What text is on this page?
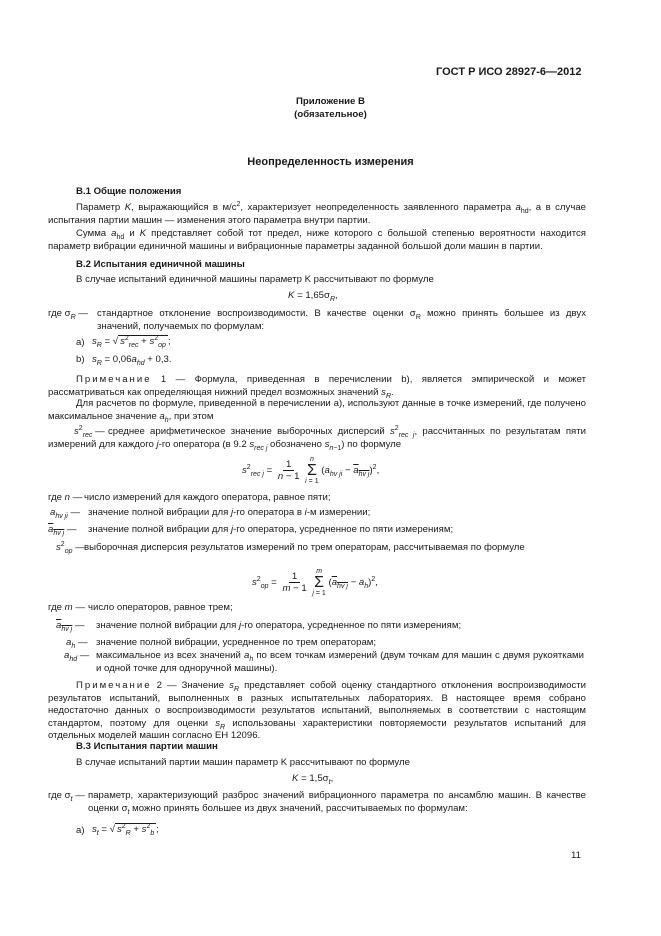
ГОСТ Р ИСО 28927-6—2012
Приложение В
(обязательное)
Неопределенность измерения
В.1 Общие положения
Параметр K, выражающийся в $м/с^2$, характеризует неопределенность заявленного параметра $a_{hd}$, а в случае испытания партии машин — изменения этого параметра внутри партии.
Сумма $a_{hd}$ и K представляет собой тот предел, ниже которого с большой степенью вероятности находится параметр вибрации единичной машины и вибрационные параметры заданной большой доли машин в партии.
В.2 Испытания единичной машины
В случае испытаний единичной машины параметр K рассчитывают по формуле
$K = 1,65\sigma_R$,
где $\sigma_R$ — стандартное отклонение воспроизводимости. В качестве оценки $\sigma_R$ можно принять большее из двух значений, получаемых по формулам:
а) $s_R$ = √ $s^2_{rec} + s^2_{op}$ ;
b) $s_R = 0,06a_{hd} + 0,3$.
Примечание 1 — Формула, приведенная в перечислении b), является эмпирической и может рассматриваться как определяющая нижний предел возможных значений $s_R$.
Для расчетов по формуле, приведенной в перечислении а), используют данные в точке измерений, где получено максимальное значение $a_h$, при этом
$s^2_{rec}$ — среднее арифметическое значение выборочных дисперсий $s^2_{rec j}$, рассчитанных по результатам пяти измерений для каждого j-го оператора (в 9.2 $s_{rec j}$ обозначено $s_{n-1}$) по формуле
$s^2_{rec j} = \frac{1}{n - 1}$
n
Σ
i = 1
$(a_{hv ji} - a_{hv j})^2$,
где n — число измерений для каждого оператора, равное пяти;
$a_{hv ji}$ — значение полной вибрации для j-го оператора в i-м измерении;
$a_{hv j}$ — значение полной вибрации для j-го оператора, усредненное по пяти измерениям;
$s^2_{op}$ — выборочная дисперсия результатов измерений по трем операторам, рассчитываемая по формуле
$s^2_{op} = \frac{1}{m - 1}$
m
Σ
j = 1
$(a_{hv j} - a_h)^2$,
где m — число операторов, равное трем;
$a_{hv j}$ — значение полной вибрации для j-го оператора, усредненное по пяти измерениям;
$a_h$ — значение полной вибрации, усредненное по трем операторам;
$a_{hd}$ — максимальное из всех значений $a_h$ по всем точкам измерений (двум точкам для машин с двумя рукоятками и одной точке для одноручной машины).
Примечание 2 — Значение $s_R$ представляет собой оценку стандартного отклонения воспроизводимости результатов испытаний, выполненных в разных испытательных лабораториях. В настоящее время собрано недостаточно данных о воспроизводимости результатов испытаний, выполняемых в соответствии с настоящим стандартом, поэтому для оценки $s_R$ использованы характеристики повторяемости результатов испытаний для отдельных моделей машин согласно ЕН 12096.
В.3 Испытания партии машин
В случае испытаний партии машин параметр K рассчитывают по формуле
$K = 1,5\sigma_t$,
где $\sigma_t$ — параметр, характеризующий разброс значений вибрационного параметра по ансамблю машин. В качестве оценки $\sigma_t$ можно принять большее из двух значений, рассчитываемых по формулам:
а) $s_t$ = √ $s^2_R + s^2_b$ ;
11
